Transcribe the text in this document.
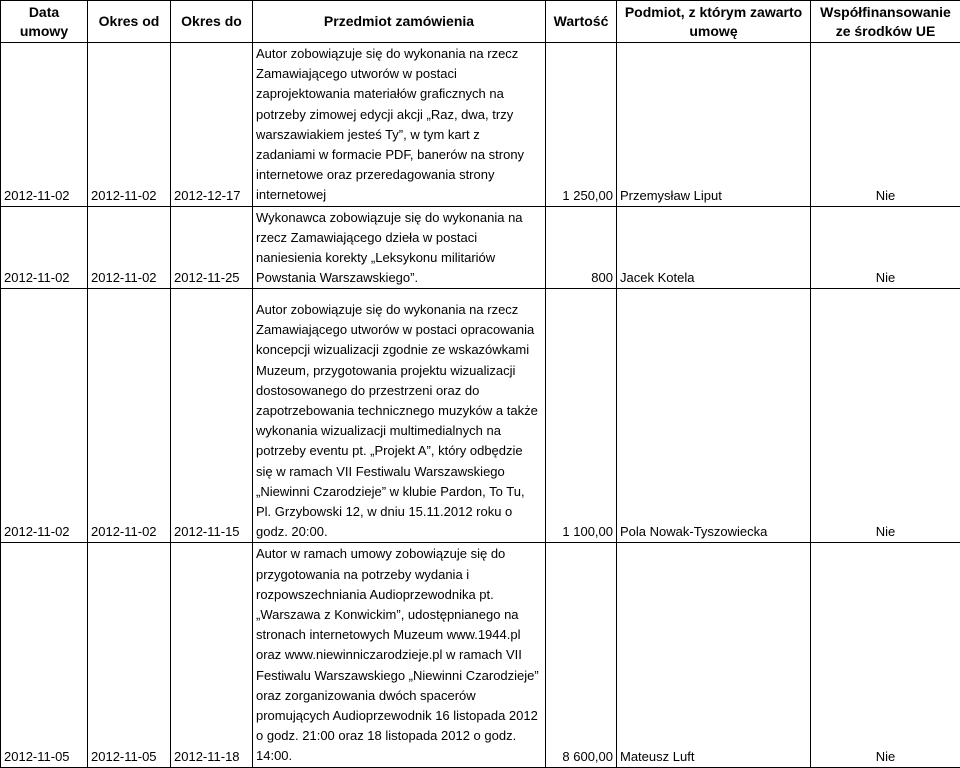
Data umowy	Okres od	Okres do	Przedmiot zamówienia	Wartość	Podmiot, z którym zawarto umowę	Współfinansowanie ze środków UE
2012-11-02	2012-11-02	2012-12-17	Autor zobowiązuje się do wykonania na rzecz Zamawiającego utworów w postaci zaprojektowania materiałów graficznych na potrzeby zimowej edycji akcji „Raz, dwa, trzy warszawiakiem jesteś Ty”, w tym kart z zadaniami w formacie PDF, banerów na strony internetowe oraz przeredagowania strony internetowej	1 250,00	Przemysław Liput	Nie
2012-11-02	2012-11-02	2012-11-25	Wykonawca zobowiązuje się do wykonania na rzecz Zamawiającego dzieła w postaci naniesienia korekty „Leksykonu militariów Powstania Warszawskiego”.	800	Jacek Kotela	Nie
2012-11-02	2012-11-02	2012-11-15	Autor zobowiązuje się do wykonania na rzecz Zamawiającego utworów w postaci opracowania koncepcji wizualizacji zgodnie ze wskazówkami Muzeum, przygotowania projektu wizualizacji dostosowanego do przestrzeni oraz do zapotrzebowania technicznego muzyków a także wykonania wizualizacji multimedialnych na potrzeby eventu pt. „Projekt A”, który odbędzie się w ramach VII Festiwalu Warszawskiego „Niewinni Czarodzieje” w klubie Pardon, To Tu, Pl. Grzybowski 12, w dniu 15.11.2012 roku o godz. 20:00.	1 100,00	Pola Nowak-Tyszowiecka	Nie
2012-11-05	2012-11-05	2012-11-18	Autor w ramach umowy zobowiązuje się do przygotowania na potrzeby wydania i rozpowszechniania Audioprzewodnika pt. „Warszawa z Konwickim”, udostępnianego na stronach internetowych Muzeum www.1944.pl oraz www.niewinniczarodzieje.pl w ramach VII Festiwalu Warszawskiego „Niewinni Czarodzieje” oraz zorganizowania dwóch spacerów promujących Audioprzewodnik 16 listopada 2012 o godz. 21:00 oraz 18 listopada 2012 o godz. 14:00.	8 600,00	Mateusz Luft	Nie
